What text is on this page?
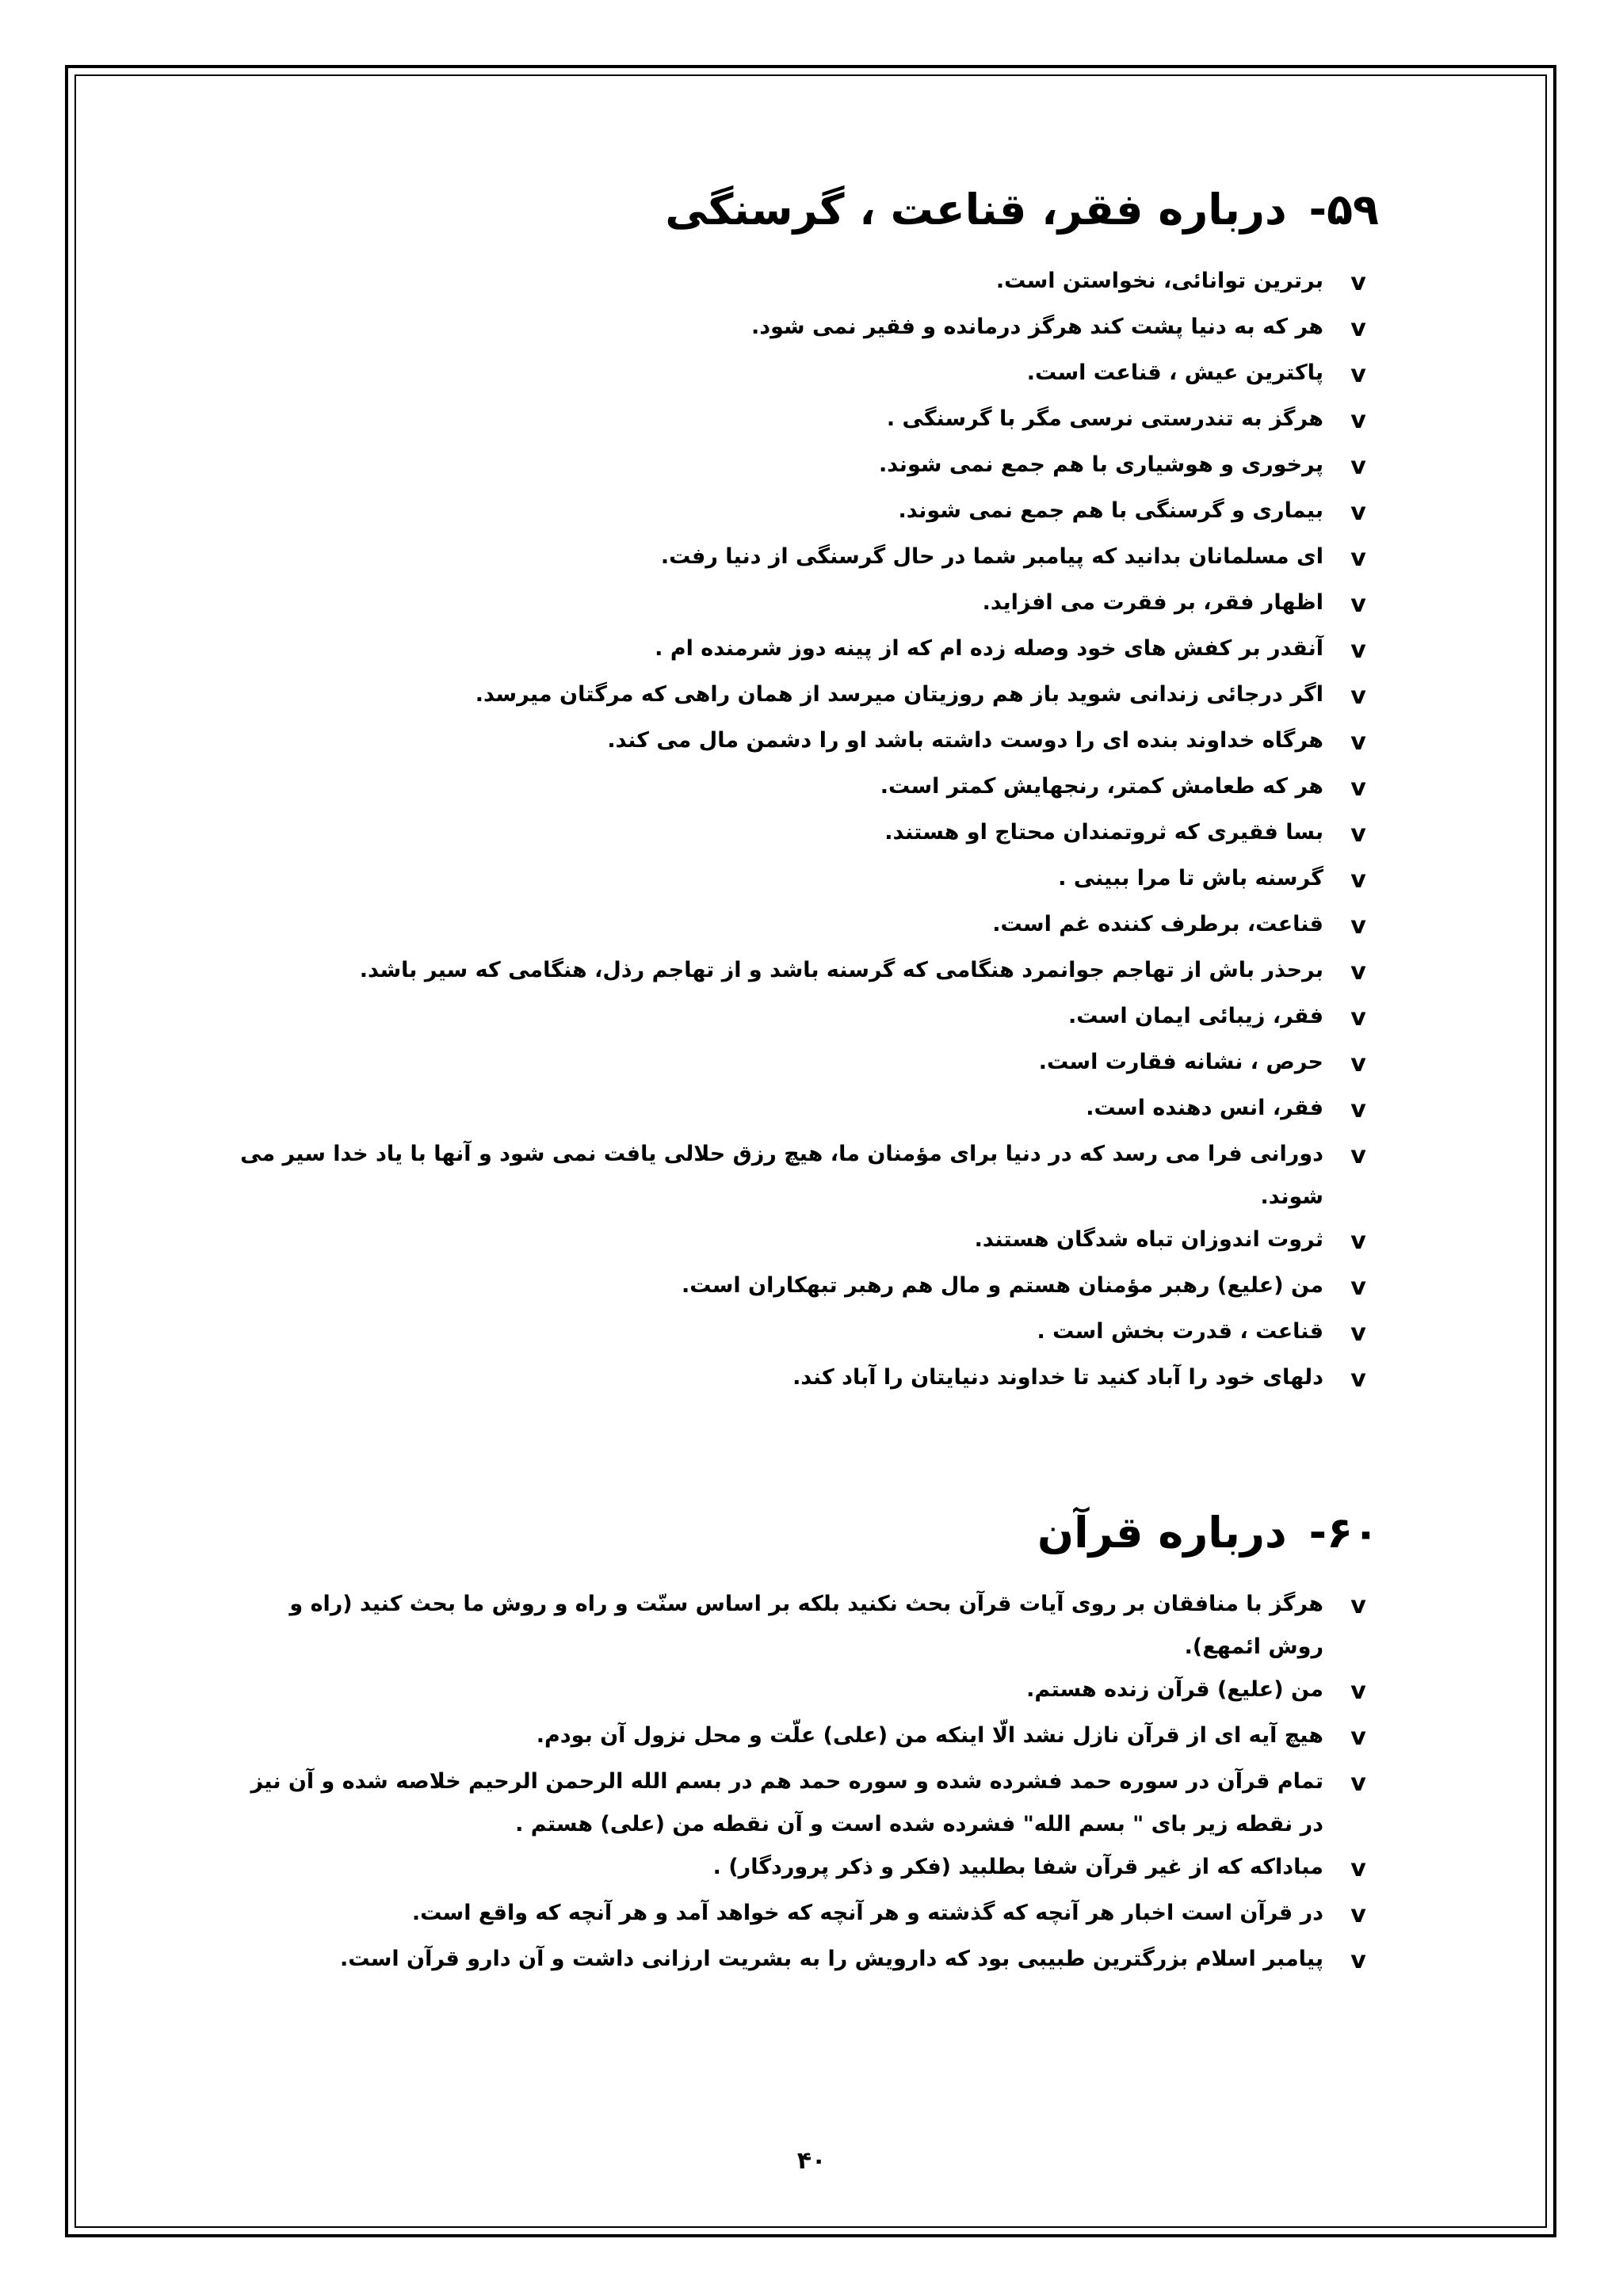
۵۹-درباره فقر، قناعت ، گرسنگی
v
برترین توانائی، نخواستن است.
v
هر که به دنیا پشت کند هرگز درمانده و فقیر نمی شود.
v
پاکترین عیش ، قناعت است.
v
هرگز به تندرستی نرسی مگر با گرسنگی .
v
پرخوری و هوشیاری با هم جمع نمی شوند.
v
بیماری و گرسنگی با هم جمع نمی شوند.
v
ای مسلمانان بدانید که پیامبر شما در حال گرسنگی از دنیا رفت.
v
اظهار فقر، بر فقرت می افزاید.
v
آنقدر بر کفش های خود وصله زده ام که از پینه دوز شرمنده ام .
v
اگر درجائی زندانی شوید باز هم روزیتان میرسد از همان راهی که مرگتان میرسد.
v
هرگاه خداوند بنده ای را دوست داشته باشد او را دشمن مال می کند.
v
هر که طعامش کمتر، رنجهایش کمتر است.
v
بسا فقیری که ثروتمندان محتاج او هستند.
v
گرسنه باش تا مرا ببینی .
v
قناعت، برطرف کننده غم است.
v
برحذر باش از تهاجم جوانمرد هنگامی که گرسنه باشد و از تهاجم رذل، هنگامی که سیر باشد.
v
فقر، زیبائی ایمان است.
v
حرص ، نشانه فقارت است.
v
فقر، انس دهنده است.
v
دورانی فرا می رسد که در دنیا برای مؤمنان ما، هیچ رزق حلالی یافت نمی شود و آنها با یاد خدا سیر می شوند.
v
ثروت اندوزان تباه شدگان هستند.
v
من (علیع) رهبر مؤمنان هستم و مال هم رهبر تبهکاران است.
v
قناعت ، قدرت بخش است .
v
دلهای خود را آباد کنید تا خداوند دنیایتان را آباد کند.
۶۰-درباره قرآن
v
هرگز با منافقان بر روی آیات قرآن بحث نکنید بلکه بر اساس سنّت و راه و روش ما بحث کنید (راه و روش ائمهع).
v
من (علیع) قرآن زنده هستم.
v
هیچ آیه ای از قرآن نازل نشد الّا اینکه من (علی) علّت و محل نزول آن بودم.
v
تمام قرآن در سوره حمد فشرده شده و سوره حمد هم در بسم الله الرحمن الرحیم خلاصه شده و آن نیز در نقطه زیر بای " بسم الله" فشرده شده است و آن نقطه من (علی) هستم .
v
مباداکه که از غیر قرآن شفا بطلبید (فکر و ذکر پروردگار) .
v
در قرآن است اخبار هر آنچه که گذشته و هر آنچه که خواهد آمد و هر آنچه که واقع است.
v
پیامبر اسلام بزرگترین طبیبی بود که دارویش را به بشریت ارزانی داشت و آن دارو قرآن است.
۴۰
